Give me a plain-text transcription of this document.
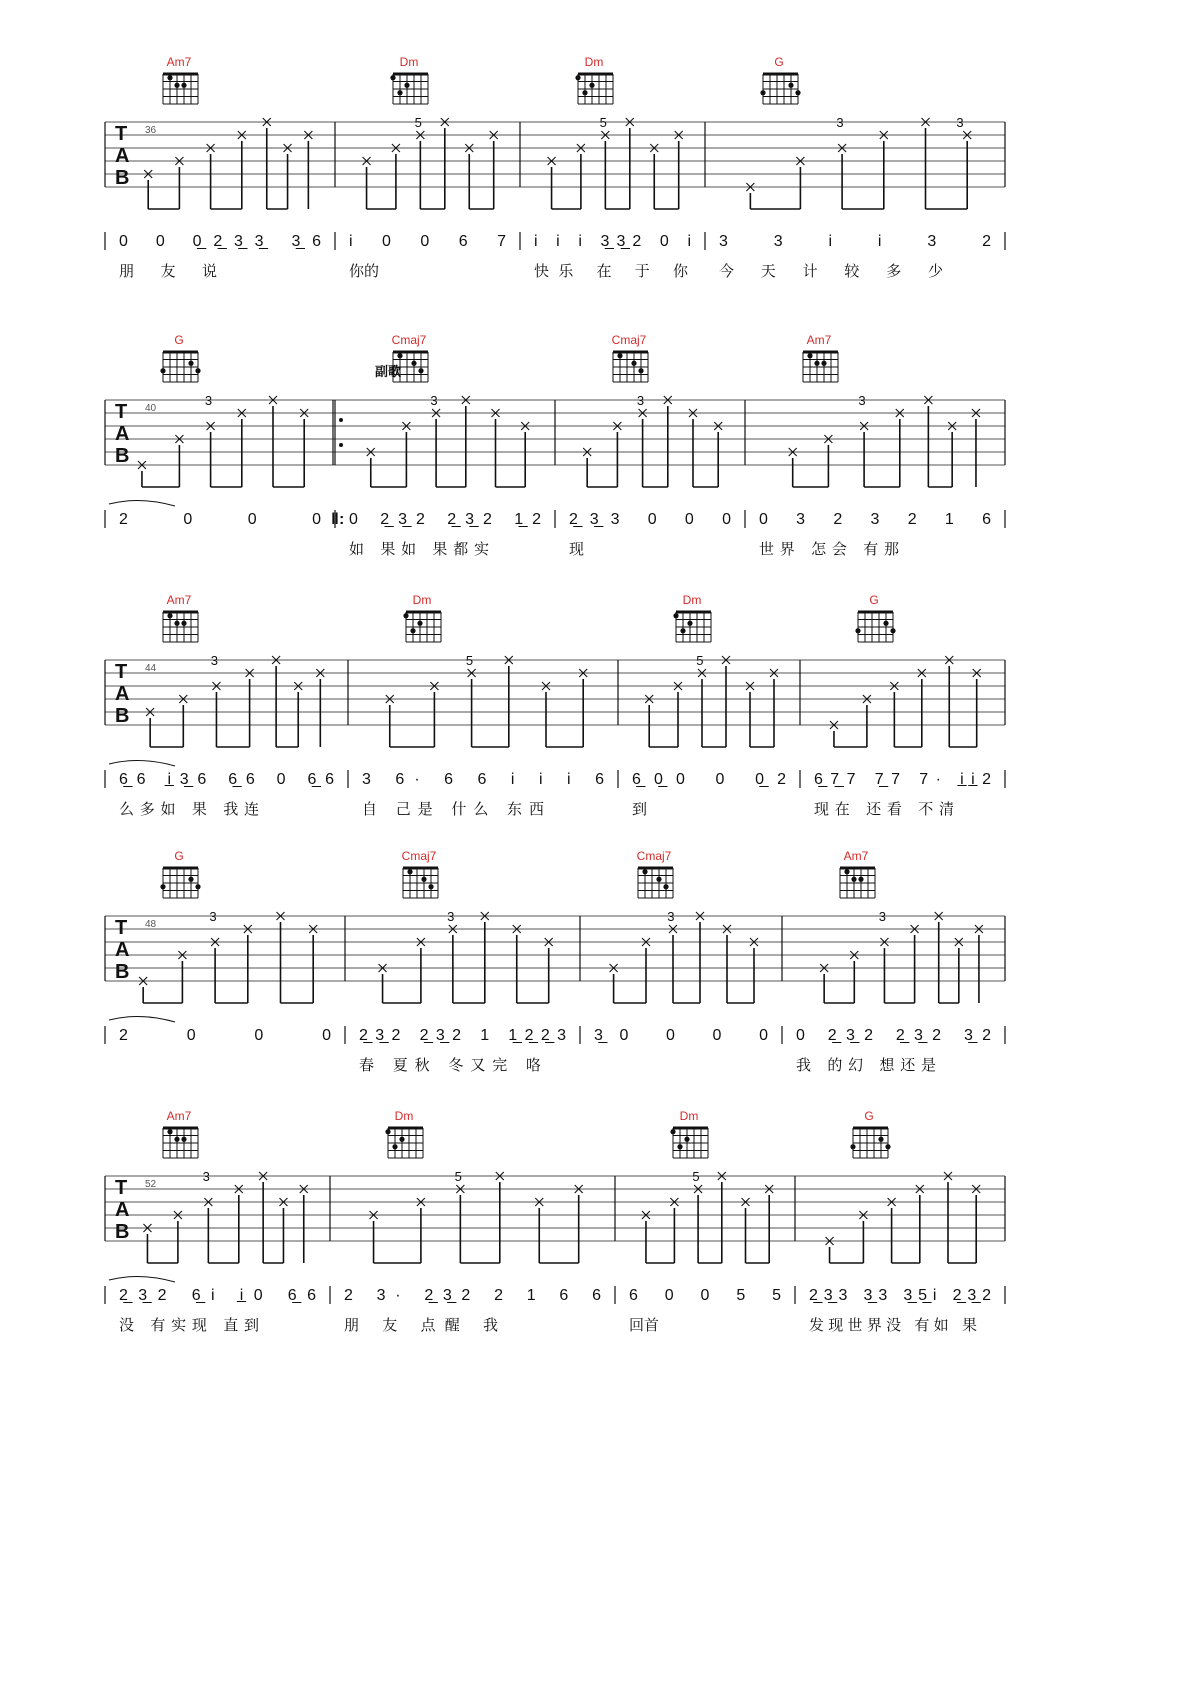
T
A
B
36
Am7
0 0 0̲2̲3̲3̲ 3̲6
朋 友 说
Dm
5
i 0 0 6 7
你的
Dm
5
i i i 3̲3̲2 0 i
快乐 在 于 你
G
3	3
3 3 i i 3 2
今 天 计 较 多 少
T
A
B
40
‖:
副歌
G
3
2 0 0 0
Cmaj7
3
0 2̲3̲2 2̲3̲2 1̲2
如 果如 果都实
Cmaj7
3
2̲3̲3 0 0 0
现
Am7
3
0 3 2 3 2 1 6
世界 怎会 有那
T
A
B
44
Am7
3
6̲6 i̲3̲6 6̲6 0 6̲6
么多如 果 我连
Dm
5
3 6· 6 6 i i i 6
自 己是 什么 东西
Dm
5
6̲0̲0 0 0̲2
到
G
6̲7̲7 7̲7 7· i̲i̲2
现在 还看 不清
T
A
B
48
G
3
2 0 0 0
Cmaj7
3
2̲3̲2 2̲3̲2 1 1̲2̲2̲3
春 夏秋 冬又完 咯
Cmaj7
3
3̲0 0 0 0
Am7
3
0 2̲3̲2 2̲3̲2 3̲2
我 的幻 想还是
T
A
B
52
Am7
3
2̲3̲2 6̲i i̲0 6̲6
没 有实现 直到
Dm
5
2 3· 2̲3̲2 2 1 6 6
朋 友 点醒 我
Dm
5
6 0 0 5 5
回首
G
2̲3̲3 3̲3 3̲5̲i 2̲3̲2
发现世界没 有如 果
